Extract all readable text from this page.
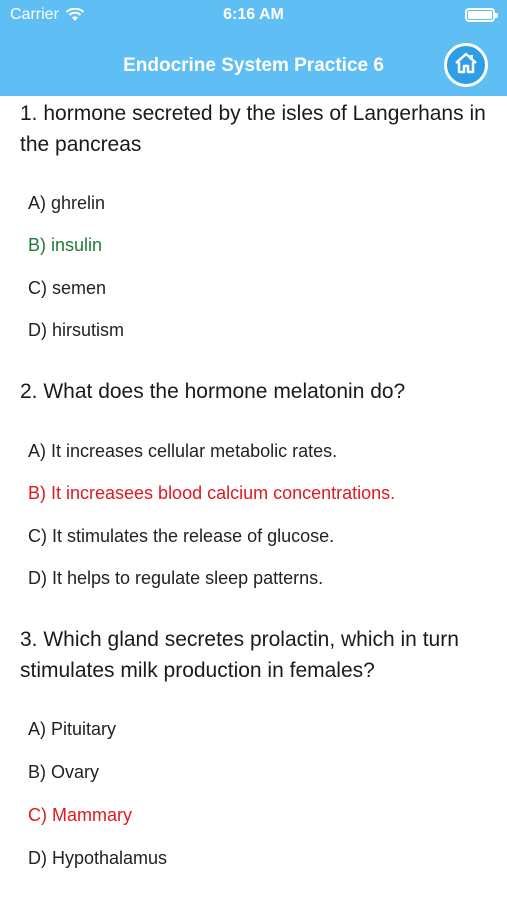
Carrier	6:16 AM
Endocrine System Practice 6
1. hormone secreted by the isles of Langerhans in the pancreas
A) ghrelin
B) insulin
C) semen
D) hirsutism
2. What does the hormone melatonin do?
A) It increases cellular metabolic rates.
B) It increasees blood calcium concentrations.
C) It stimulates the release of glucose.
D) It helps to regulate sleep patterns.
3. Which gland secretes prolactin, which in turn stimulates milk production in females?
A) Pituitary
B) Ovary
C) Mammary
D) Hypothalamus
